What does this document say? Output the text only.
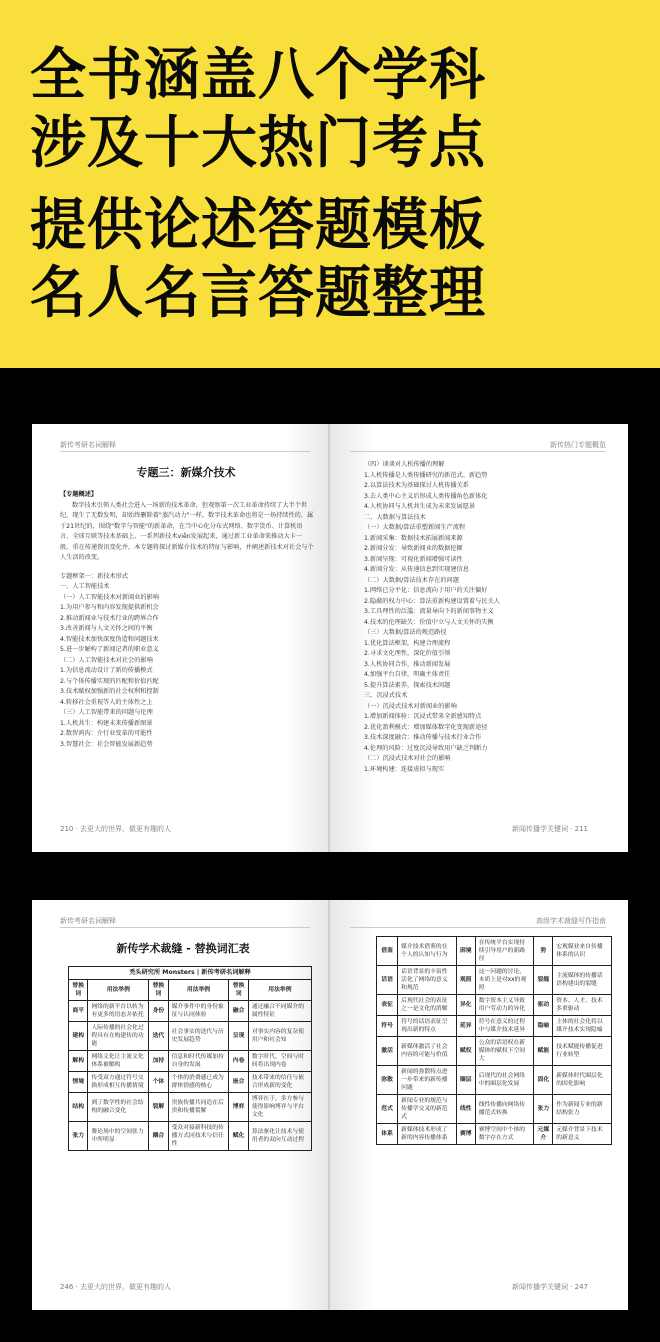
全书涵盖八个学科
涉及十大热门考点
提供论述答题模板
名人名言答题整理
新传考研名词解释
专题三：新媒介技术

【专题概述】

数字技术引领人类社会进入一场新的技术革命，但观察第一次工业革命持续了大半个世纪，现生了无数发明，却始终删除着"蒸汽动力"一样，数字技术革命也将是一场持续性的，属于21世纪的，围绕"数字与智能"的新革命，在当中心化分布式网络、数字货币、计算机语言、全球互联等技术基础上，一系列新技术viễn发展起来，通过新工业革命来推动大卡一般，重在传递资讯变化并，本专题将探讨新媒介技术的特征与影响，并阐述新技术对社会与个人生活的改变。

专题框架一：新技术形式

一、人工智能技术

（一）人工智能技术对新闻业的影响

1.为用户参与和内容发现提供新机会

2.推动新闻业与技术行业的跨界合作

3.改善新闻与人文关怀之间的平衡

4.智能技术加快深度伪造和问题技术

5.进一步解构了新闻记者的职业意义

（二）人工智能技术对社会的影响

1.为信息流动设计了新的传播模式

2.与个体传播实现的匹配和价值匹配

3.技术赋权加强新的社会权利和控制

4.转移社会重视等人的主体性之上

（三）人工智能带来的问题与伦理

1.人机共生：构建未来传播新图景

2.数智鸿沟：介行业变革的可能性

3.智慧社会：社会智能发展新趋势

210 · 去更大的世界，做更有趣的人
新传热门专题概览

（四）谈谈对人机传播的理解

1.人机传播是人类传播研究的新范式、新趋势

2.以算法技术为基础探讨人机传播关系

3.去人类中心主义后形成人类传播角色新体化

4.人机协同与人机共生成为未来发展愿景

二、大数据与算法技术

（一）大数据/算法重塑新闻生产流程

1.新闻采集：数据技术拓展新闻来源

2.新闻分发：导致新闻业的数据挖掘

3.新闻呈现：可视化新闻增强可读性

4.新闻分发：从传递信息到实现建信息

（二）大数据/算法技术存在的问题

1.网络已分平化：信息流向于用户的关注偏好

2.隐蔽的权力中心：算法重新构建设置着与民关人

3.工具理性的泛滥：流量导向下的新闻事物主义

4.技术的伦理缺失：价值中立与人文关怀的失衡

（三）大数据/算法的规范路径

1.优化算法框架，构建合理流程

2.寻求文化理性，深化价值引领

3.人机协同合作，推动新闻发展

4.加强平台自律，明确主体责任

5.提升算法素养，探索技术问题

三、沉浸式技术

（一）沉浸式技术对新闻业的影响

1.增加新闻体验：沉浸式带来全新感知特点

2.优化盈利模式：增加媒体数字化变现新途径

3.技术深度融合：推动传播与技术行业合作

4.伦理的风险：过度沉浸导致用户缺乏判断力

（二）沉浸式技术对社会的影响

1.环境构建：连接虚拟与现实

新闻传播学关键词 · 211
新传考研名词解释
新传学术裁缝 - 替换词汇表
禿头研究所 Monsters | 新传考研名词解释					
替换词	用法举例	替换词	用法举例	替换词	用法举例
商平	网络的新平台以转为有更多的语态并依托	身份	媒介事件中的身份象征与认同体验	融合	通过融合不同媒介的属性特征
建构	人际传播的社会化过程具有在构建传的功能	迭代	社会事实的迭代与历史发展趋势	呈现	对事实内容的复杂使用户和社会知
解构	网络文化让主流文化体系被解构	加持	信息和时代传媒加持自身的发展	内卷	数字时代，空间与时间将出现内卷
情境	传受双方通过符号交换形成相互传播情境	个体	个体的消费感已成为群体情感的核心	嵌合	技术带来的信任与嵌合形成新的变化
结构	到了数学性的社会结构的融合变化	裂解	贵族传播共同造在后贵和传播裂解	博弈	博弈在于，多方参与使得影响博弈与平台文化
张力	舞论场中的空间张力中所明显	耦合	受众对接新科技的传播方式同技术与信任性	赋化	算法驱化让技术与使用者的双向互动过程
246 · 去更大的世界，做更有趣的人
高级学术裁缝写作指南
借鉴	媒介技术借鉴的在个人的认知与行为	困境	在传统平台实现持续引导用户的新路径	势	宏观媒业来自传播体系的认识
话语	话语背景的丰富性活化了网络的意义和规范	观照	这一问题的讨论，本质上是对xx的观照	裂缝	主流媒体的传播话语构建出的裂缝
表征	后现代社会的表征之一是文化的消解	异化	数字资本主义导致用户劳动力的异化	驱动	资本、人才、技术多重驱动
符号	符号的话语表征呈现出新的特点	延异	符号在意义的过程中与媒介技术延异	隐喻	主体的社会化将以媒介技术实现隐喻
激活	新媒体激活了社会内容的可能与价值	赋权	公众的话语权在新媒体的赋权下空间大	赋能	技术赋能传播促进行业转型
弥散	新闻的弥散特点进一步带来的新传播问题	圈层	后现代的社会网络中的圈层化发展	固化	新媒体时代圈层化的固化影响
范式	新闻专业的规范与传播学交叉的新范式	线性	线性传播向网络传播范式转换	张力	作为新闻专业的新结构张力
体系	新媒体技术形成了新的内容传播体系	赛博	赛博空间中个体的数字存在方式	元媒介	元媒介背景下技术的新意义
新闻传播学关键词 · 247
